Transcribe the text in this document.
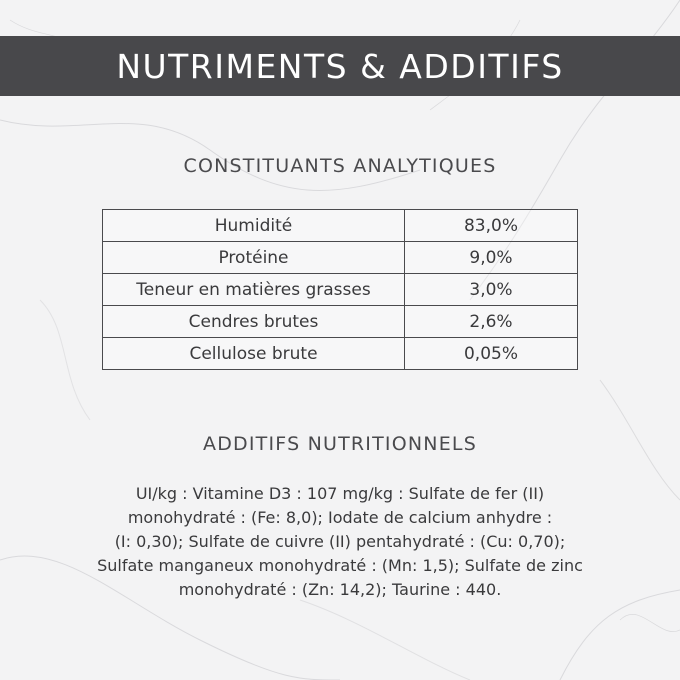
NUTRIMENTS & ADDITIFS
CONSTITUANTS ANALYTIQUES
Humidité	83,0%
Protéine	9,0%
Teneur en matières grasses	3,0%
Cendres brutes	2,6%
Cellulose brute	0,05%
ADDITIFS NUTRITIONNELS
UI/kg : Vitamine D3 : 107 mg/kg : Sulfate de fer (II)
monohydraté : (Fe: 8,0); Iodate de calcium anhydre :
(I: 0,30); Sulfate de cuivre (II) pentahydraté : (Cu: 0,70);
Sulfate manganeux monohydraté : (Mn: 1,5); Sulfate de zinc
monohydraté : (Zn: 14,2); Taurine : 440.
